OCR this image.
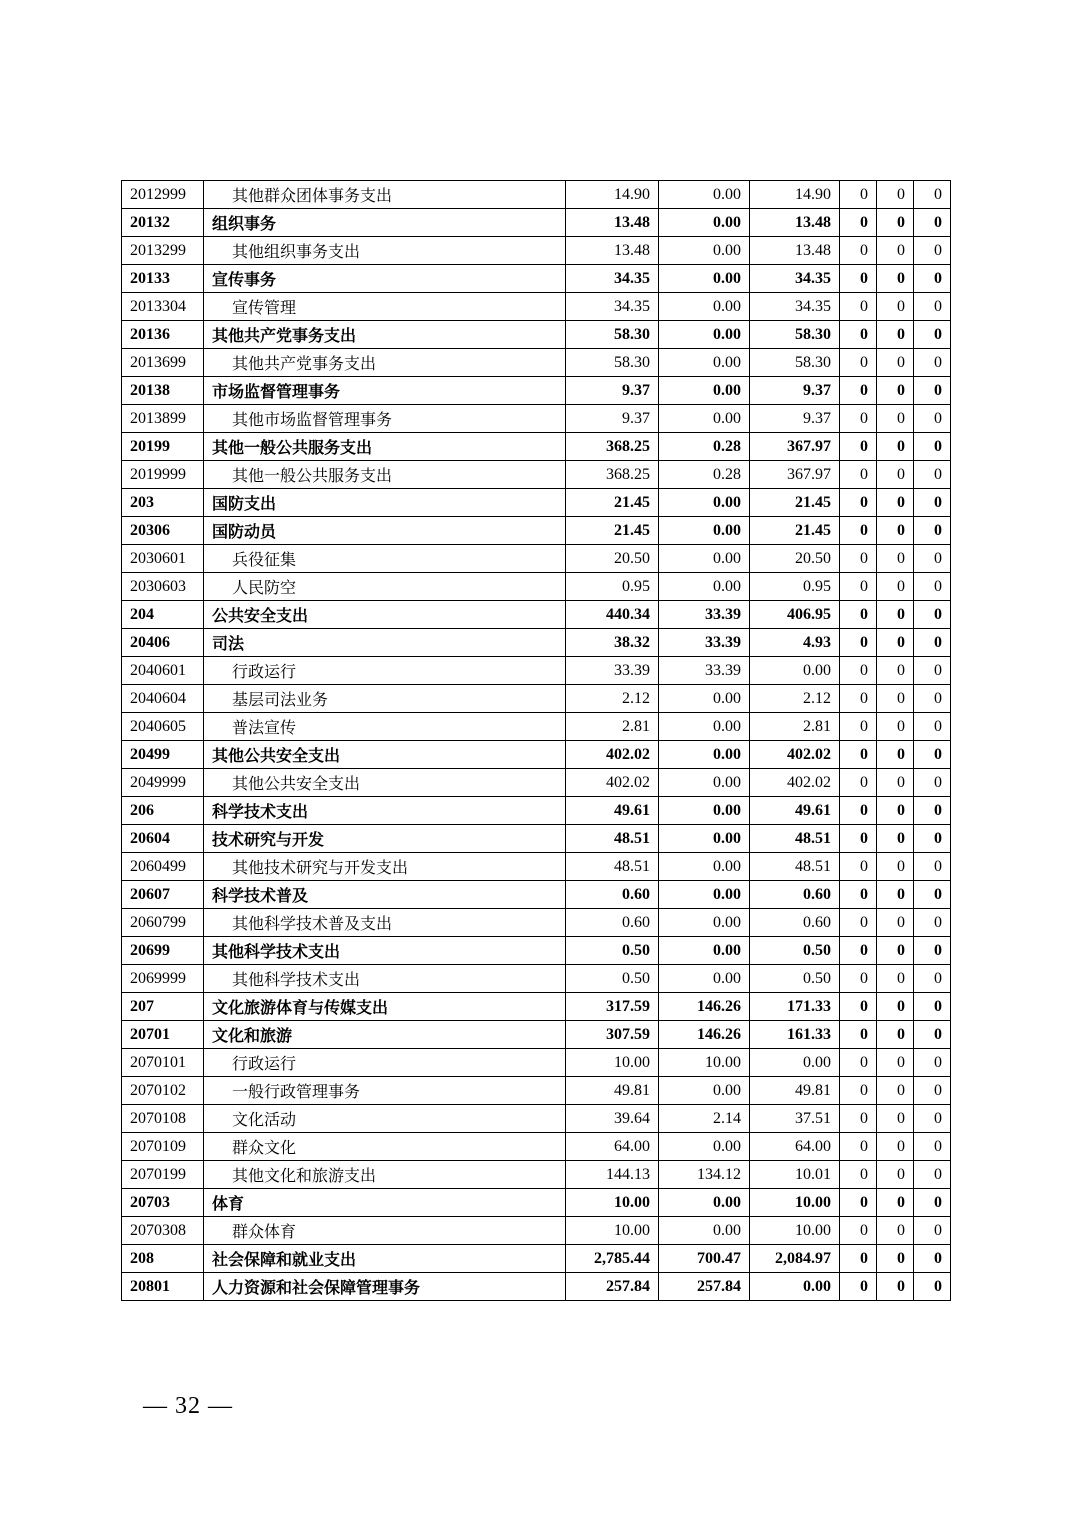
2012999	其他群众团体事务支出	14.90	0.00	14.90	0	0	0
20132	组织事务	13.48	0.00	13.48	0	0	0
2013299	其他组织事务支出	13.48	0.00	13.48	0	0	0
20133	宣传事务	34.35	0.00	34.35	0	0	0
2013304	宣传管理	34.35	0.00	34.35	0	0	0
20136	其他共产党事务支出	58.30	0.00	58.30	0	0	0
2013699	其他共产党事务支出	58.30	0.00	58.30	0	0	0
20138	市场监督管理事务	9.37	0.00	9.37	0	0	0
2013899	其他市场监督管理事务	9.37	0.00	9.37	0	0	0
20199	其他一般公共服务支出	368.25	0.28	367.97	0	0	0
2019999	其他一般公共服务支出	368.25	0.28	367.97	0	0	0
203	国防支出	21.45	0.00	21.45	0	0	0
20306	国防动员	21.45	0.00	21.45	0	0	0
2030601	兵役征集	20.50	0.00	20.50	0	0	0
2030603	人民防空	0.95	0.00	0.95	0	0	0
204	公共安全支出	440.34	33.39	406.95	0	0	0
20406	司法	38.32	33.39	4.93	0	0	0
2040601	行政运行	33.39	33.39	0.00	0	0	0
2040604	基层司法业务	2.12	0.00	2.12	0	0	0
2040605	普法宣传	2.81	0.00	2.81	0	0	0
20499	其他公共安全支出	402.02	0.00	402.02	0	0	0
2049999	其他公共安全支出	402.02	0.00	402.02	0	0	0
206	科学技术支出	49.61	0.00	49.61	0	0	0
20604	技术研究与开发	48.51	0.00	48.51	0	0	0
2060499	其他技术研究与开发支出	48.51	0.00	48.51	0	0	0
20607	科学技术普及	0.60	0.00	0.60	0	0	0
2060799	其他科学技术普及支出	0.60	0.00	0.60	0	0	0
20699	其他科学技术支出	0.50	0.00	0.50	0	0	0
2069999	其他科学技术支出	0.50	0.00	0.50	0	0	0
207	文化旅游体育与传媒支出	317.59	146.26	171.33	0	0	0
20701	文化和旅游	307.59	146.26	161.33	0	0	0
2070101	行政运行	10.00	10.00	0.00	0	0	0
2070102	一般行政管理事务	49.81	0.00	49.81	0	0	0
2070108	文化活动	39.64	2.14	37.51	0	0	0
2070109	群众文化	64.00	0.00	64.00	0	0	0
2070199	其他文化和旅游支出	144.13	134.12	10.01	0	0	0
20703	体育	10.00	0.00	10.00	0	0	0
2070308	群众体育	10.00	0.00	10.00	0	0	0
208	社会保障和就业支出	2,785.44	700.47	2,084.97	0	0	0
20801	人力资源和社会保障管理事务	257.84	257.84	0.00	0	0	0
— 32 —
